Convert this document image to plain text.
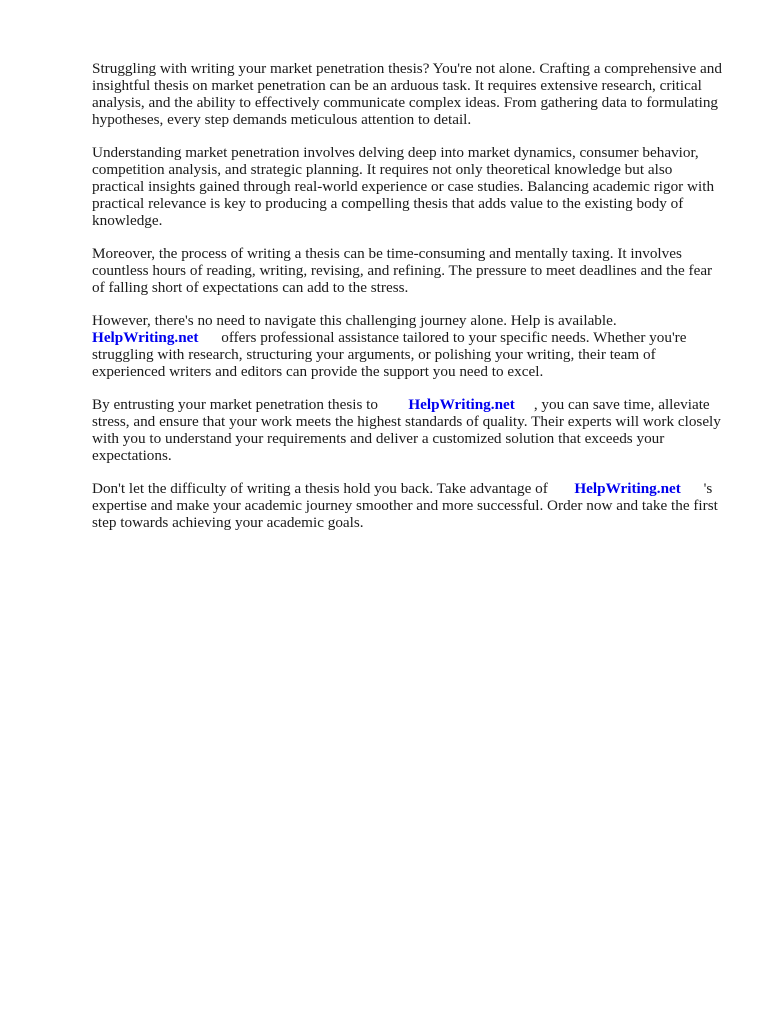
Struggling with writing your market penetration thesis? You're not alone. Crafting a comprehensive and insightful thesis on market penetration can be an arduous task. It requires extensive research, critical analysis, and the ability to effectively communicate complex ideas. From gathering data to formulating hypotheses, every step demands meticulous attention to detail.

Understanding market penetration involves delving deep into market dynamics, consumer behavior, competition analysis, and strategic planning. It requires not only theoretical knowledge but also practical insights gained through real-world experience or case studies. Balancing academic rigor with practical relevance is key to producing a compelling thesis that adds value to the existing body of knowledge.

Moreover, the process of writing a thesis can be time-consuming and mentally taxing. It involves countless hours of reading, writing, revising, and refining. The pressure to meet deadlines and the fear of falling short of expectations can add to the stress.

However, there's no need to navigate this challenging journey alone. Help is available.
HelpWriting.net offers professional assistance tailored to your specific needs. Whether you're struggling with research, structuring your arguments, or polishing your writing, their team of experienced writers and editors can provide the support you need to excel.

By entrusting your market penetration thesis to HelpWriting.net , you can save time, alleviate stress, and ensure that your work meets the highest standards of quality. Their experts will work closely with you to understand your requirements and deliver a customized solution that exceeds your expectations.

Don't let the difficulty of writing a thesis hold you back. Take advantage of HelpWriting.net 's expertise and make your academic journey smoother and more successful. Order now and take the first step towards achieving your academic goals.
